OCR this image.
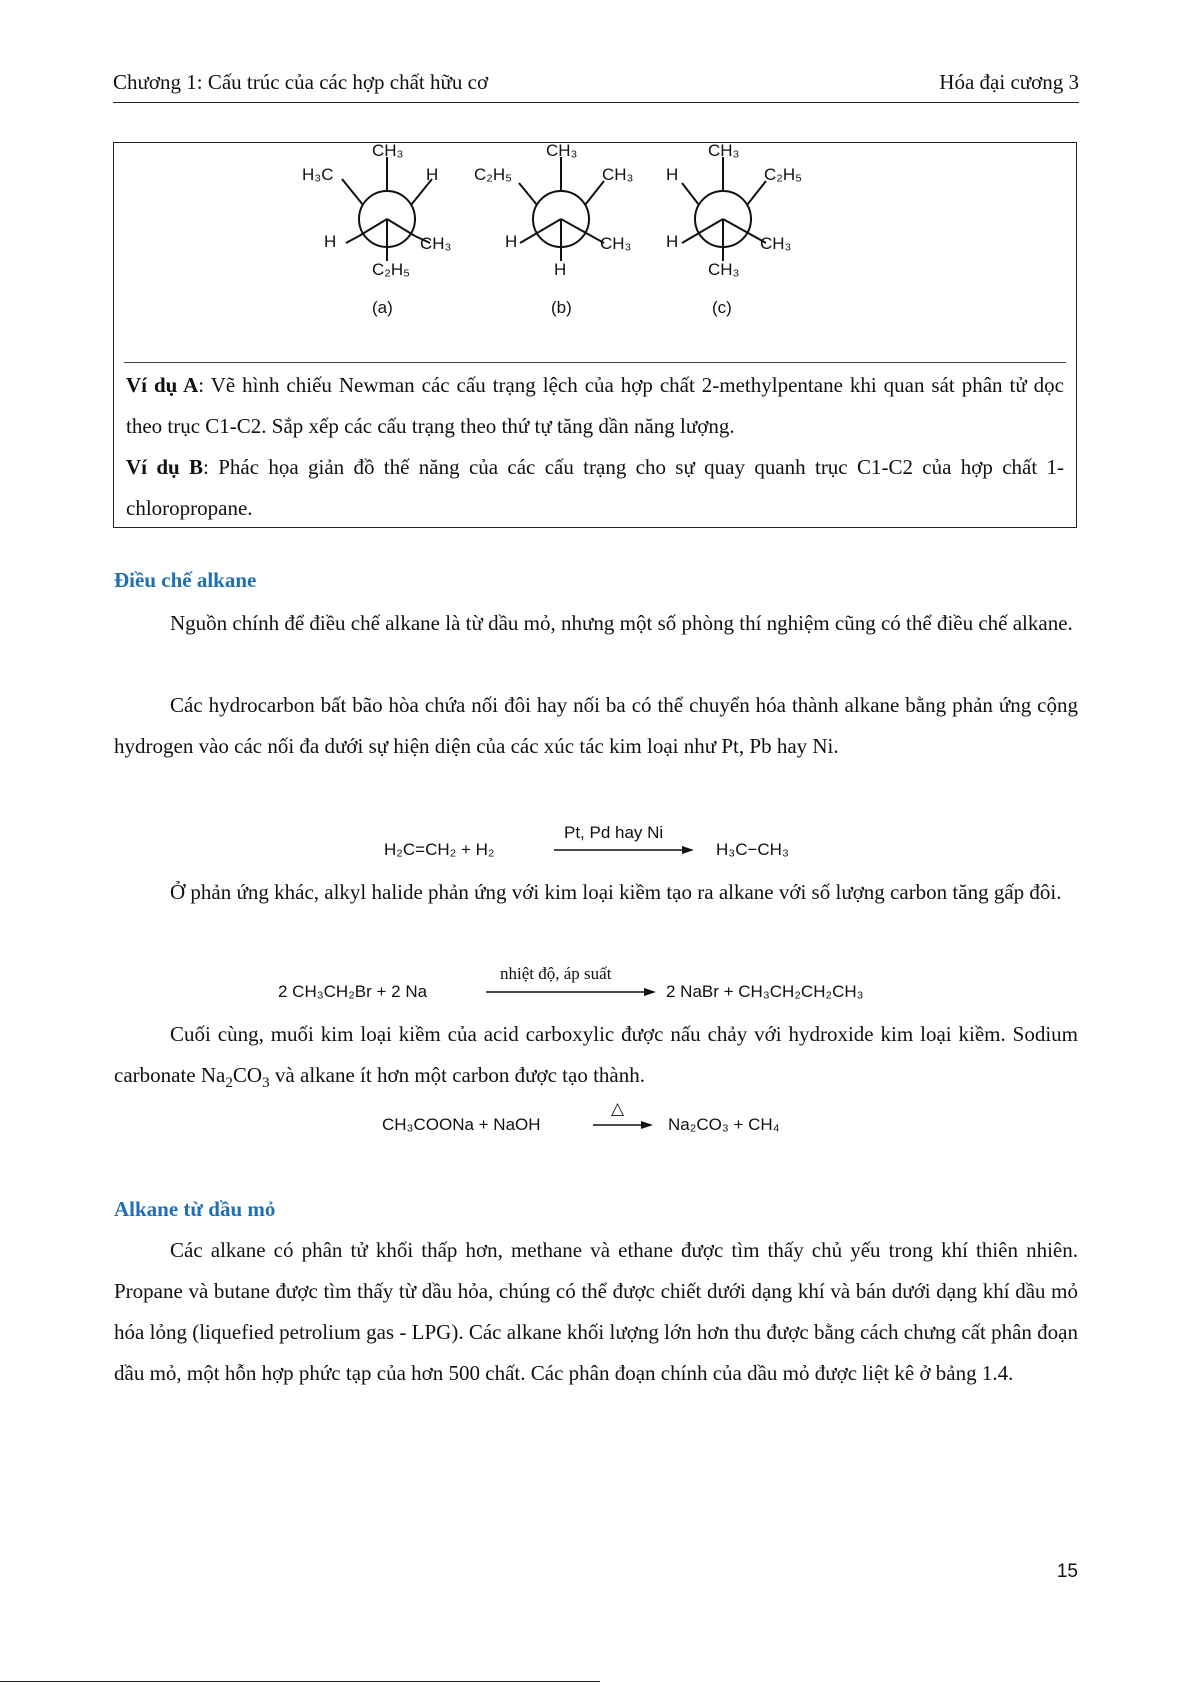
Chương 1: Cấu trúc của các hợp chất hữu cơ	Hóa đại cương 3
CH₃
H₃C	H
H	CH₃
C₂H₅
(a)
CH₃
C₂H₅	CH₃
H	CH₃
H
(b)
CH₃
H	C₂H₅
H	CH₃
CH₃
(c)

Ví dụ A: Vẽ hình chiếu Newman các cấu trạng lệch của hợp chất 2-methylpentane khi quan sát phân tử dọc theo trục C1-C2. Sắp xếp các cấu trạng theo thứ tự tăng dần năng lượng.

Ví dụ B: Phác họa giản đồ thế năng của các cấu trạng cho sự quay quanh trục C1-C2 của hợp chất 1-chloropropane.

Điều chế alkane

Nguồn chính để điều chế alkane là từ dầu mỏ, nhưng một số phòng thí nghiệm cũng có thể điều chế alkane.

Các hydrocarbon bất bão hòa chứa nối đôi hay nối ba có thể chuyển hóa thành alkane bằng phản ứng cộng hydrogen vào các nối đa dưới sự hiện diện của các xúc tác kim loại như Pt, Pb hay Ni.

H₂C=CH₂ + H₂
Pt, Pd hay Ni
H₃C−CH₃

Ở phản ứng khác, alkyl halide phản ứng với kim loại kiềm tạo ra alkane với số lượng carbon tăng gấp đôi.

2 CH₃CH₂Br + 2 Na
nhiệt độ, áp suất
2 NaBr + CH₃CH₂CH₂CH₃

Cuối cùng, muối kim loại kiềm của acid carboxylic được nấu chảy với hydroxide kim loại kiềm. Sodium carbonate $Na_2CO_3$ và alkane ít hơn một carbon được tạo thành.

CH₃COONa + NaOH
△
Na₂CO₃ + CH₄
Alkane từ dầu mỏ

Các alkane có phân tử khối thấp hơn, methane và ethane được tìm thấy chủ yếu trong khí thiên nhiên. Propane và butane được tìm thấy từ dầu hỏa, chúng có thể được chiết dưới dạng khí và bán dưới dạng khí dầu mỏ hóa lỏng (liquefied petrolium gas - LPG). Các alkane khối lượng lớn hơn thu được bằng cách chưng cất phân đoạn dầu mỏ, một hỗn hợp phức tạp của hơn 500 chất. Các phân đoạn chính của dầu mỏ được liệt kê ở bảng 1.4.

15
